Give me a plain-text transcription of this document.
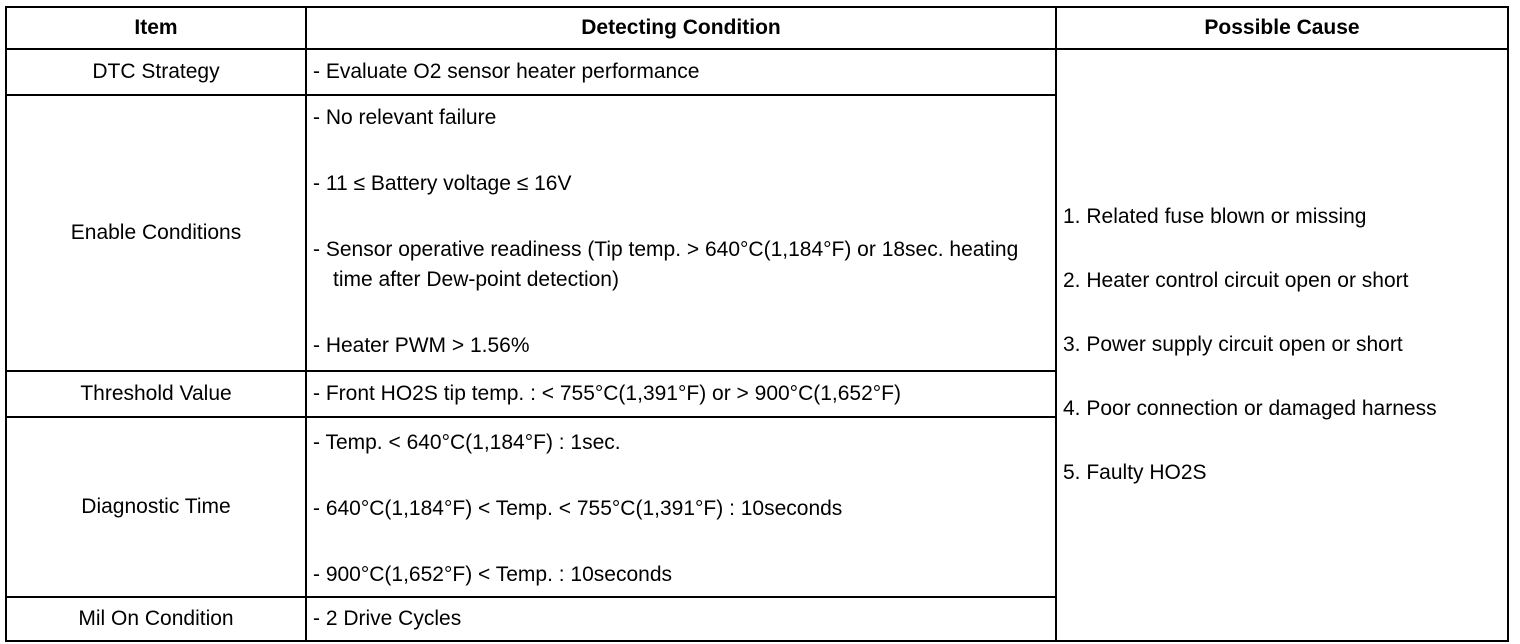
Item	Detecting Condition	Possible Cause
DTC Strategy	- Evaluate O2 sensor heater performance	1. Related fuse blown or missing
2. Heater control circuit open or short
3. Power supply circuit open or short
4. Poor connection or damaged harness
5. Faulty HO2S

Enable Conditions	- No relevant failure
- 11 ≤ Battery voltage ≤ 16V
- Sensor operative readiness (Tip temp. > 640°C(1,184°F) or 18sec. heating time after Dew-point detection)
- Heater PWM > 1.56%	

Threshold Value	- Front HO2S tip temp. : < 755°C(1,391°F) or > 900°C(1,652°F)	

Diagnostic Time	- Temp. < 640°C(1,184°F) : 1sec.
- 640°C(1,184°F) < Temp. < 755°C(1,391°F) : 10seconds
- 900°C(1,652°F) < Temp. : 10seconds	

Mil On Condition	- 2 Drive Cycles	
